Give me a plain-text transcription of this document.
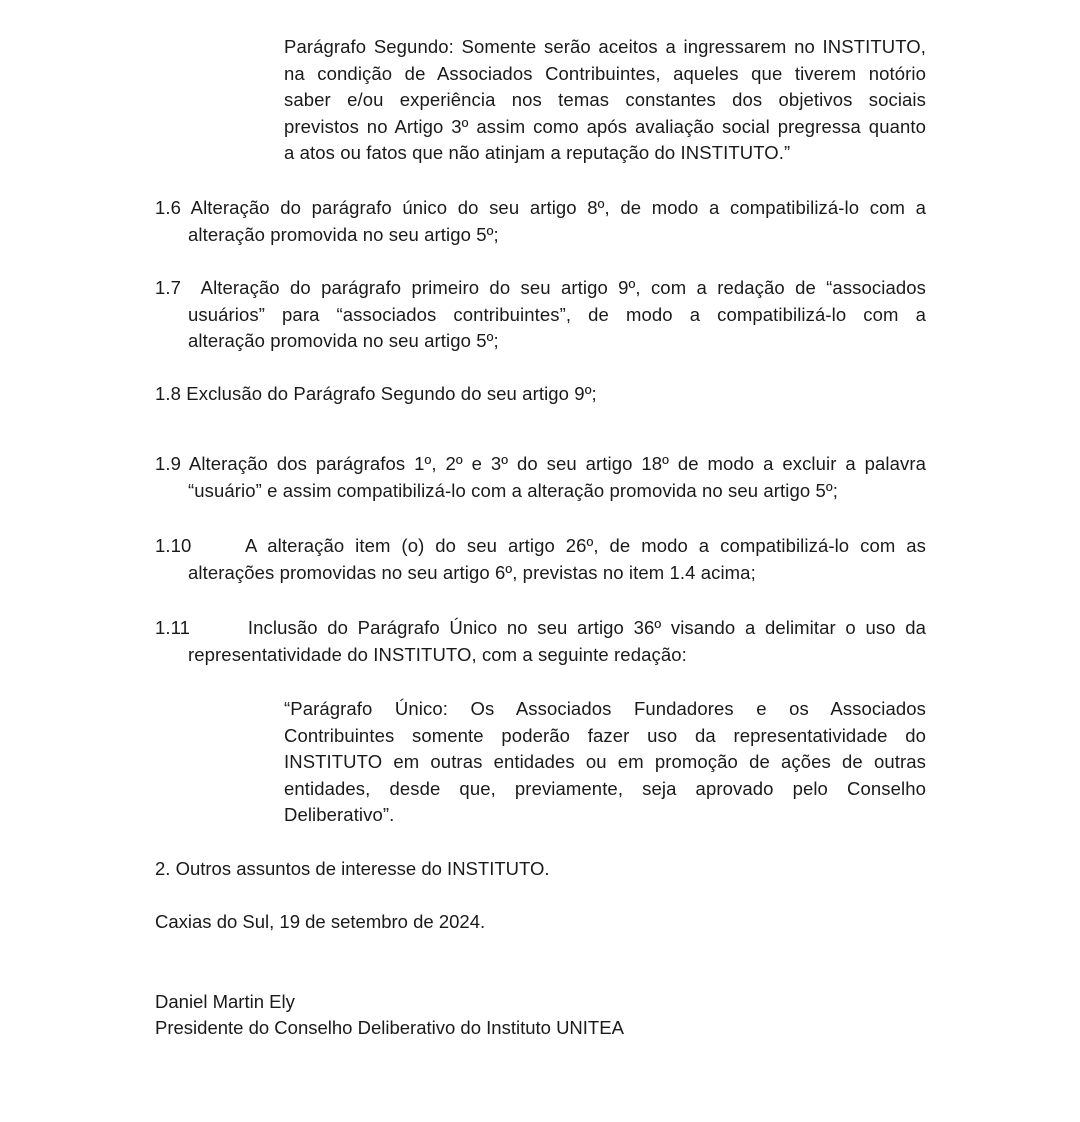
Parágrafo Segundo: Somente serão aceitos a ingressarem no INSTITUTO,
na condição de Associados Contribuintes, aqueles que tiverem notório
saber e/ou experiência nos temas constantes dos objetivos sociais
previstos no Artigo 3º assim como após avaliação social pregressa quanto
a atos ou fatos que não atinjam a reputação do INSTITUTO.”
1.6 Alteração do parágrafo único do seu artigo 8º, de modo a compatibilizá-lo com a
alteração promovida no seu artigo 5º;
1.7 Alteração do parágrafo primeiro do seu artigo 9º, com a redação de “associados
usuários” para “associados contribuintes”, de modo a compatibilizá-lo com a
alteração promovida no seu artigo 5º;
1.8 Exclusão do Parágrafo Segundo do seu artigo 9º;
1.9 Alteração dos parágrafos 1º, 2º e 3º do seu artigo 18º de modo a excluir a palavra
“usuário” e assim compatibilizá-lo com a alteração promovida no seu artigo 5º;
1.10	A alteração item (o) do seu artigo 26º, de modo a compatibilizá-lo com as
alterações promovidas no seu artigo 6º, previstas no item 1.4 acima;
1.11	Inclusão do Parágrafo Único no seu artigo 36º visando a delimitar o uso da
representatividade do INSTITUTO, com a seguinte redação:
“Parágrafo Único: Os Associados Fundadores e os Associados
Contribuintes somente poderão fazer uso da representatividade do
INSTITUTO em outras entidades ou em promoção de ações de outras
entidades, desde que, previamente, seja aprovado pelo Conselho
Deliberativo”.
2. Outros assuntos de interesse do INSTITUTO.
Caxias do Sul, 19 de setembro de 2024.
Daniel Martin Ely
Presidente do Conselho Deliberativo do Instituto UNITEA
